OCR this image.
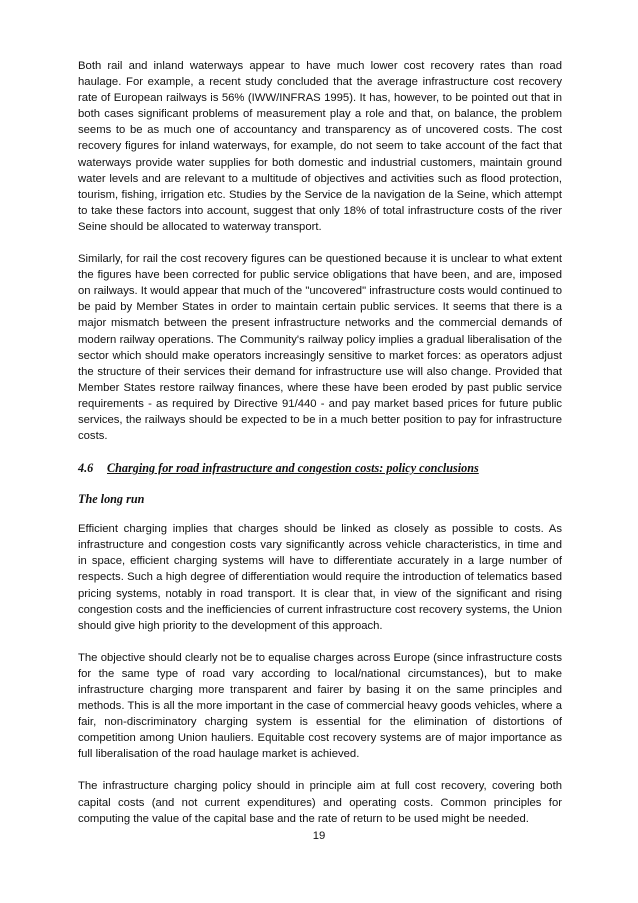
Both rail and inland waterways appear to have much lower cost recovery rates than road haulage. For example, a recent study concluded that the average infrastructure cost recovery rate of European railways is 56% (IWW/INFRAS 1995). It has, however, to be pointed out that in both cases significant problems of measurement play a role and that, on balance, the problem seems to be as much one of accountancy and transparency as of uncovered costs. The cost recovery figures for inland waterways, for example, do not seem to take account of the fact that waterways provide water supplies for both domestic and industrial customers, maintain ground water levels and are relevant to a multitude of objectives and activities such as flood protection, tourism, fishing, irrigation etc. Studies by the Service de la navigation de la Seine, which attempt to take these factors into account, suggest that only 18% of total infrastructure costs of the river Seine should be allocated to waterway transport.

Similarly, for rail the cost recovery figures can be questioned because it is unclear to what extent the figures have been corrected for public service obligations that have been, and are, imposed on railways. It would appear that much of the "uncovered" infrastructure costs would continued to be paid by Member States in order to maintain certain public services. It seems that there is a major mismatch between the present infrastructure networks and the commercial demands of modern railway operations. The Community's railway policy implies a gradual liberalisation of the sector which should make operators increasingly sensitive to market forces: as operators adjust the structure of their services their demand for infrastructure use will also change. Provided that Member States restore railway finances, where these have been eroded by past public service requirements - as required by Directive 91/440 - and pay market based prices for future public services, the railways should be expected to be in a much better position to pay for infrastructure costs.

4.6 Charging for road infrastructure and congestion costs: policy conclusions
The long run

Efficient charging implies that charges should be linked as closely as possible to costs. As infrastructure and congestion costs vary significantly across vehicle characteristics, in time and in space, efficient charging systems will have to differentiate accurately in a large number of respects. Such a high degree of differentiation would require the introduction of telematics based pricing systems, notably in road transport. It is clear that, in view of the significant and rising congestion costs and the inefficiencies of current infrastructure cost recovery systems, the Union should give high priority to the development of this approach.

The objective should clearly not be to equalise charges across Europe (since infrastructure costs for the same type of road vary according to local/national circumstances), but to make infrastructure charging more transparent and fairer by basing it on the same principles and methods. This is all the more important in the case of commercial heavy goods vehicles, where a fair, non-discriminatory charging system is essential for the elimination of distortions of competition among Union hauliers. Equitable cost recovery systems are of major importance as full liberalisation of the road haulage market is achieved.

The infrastructure charging policy should in principle aim at full cost recovery, covering both capital costs (and not current expenditures) and operating costs. Common principles for computing the value of the capital base and the rate of return to be used might be needed.

19
